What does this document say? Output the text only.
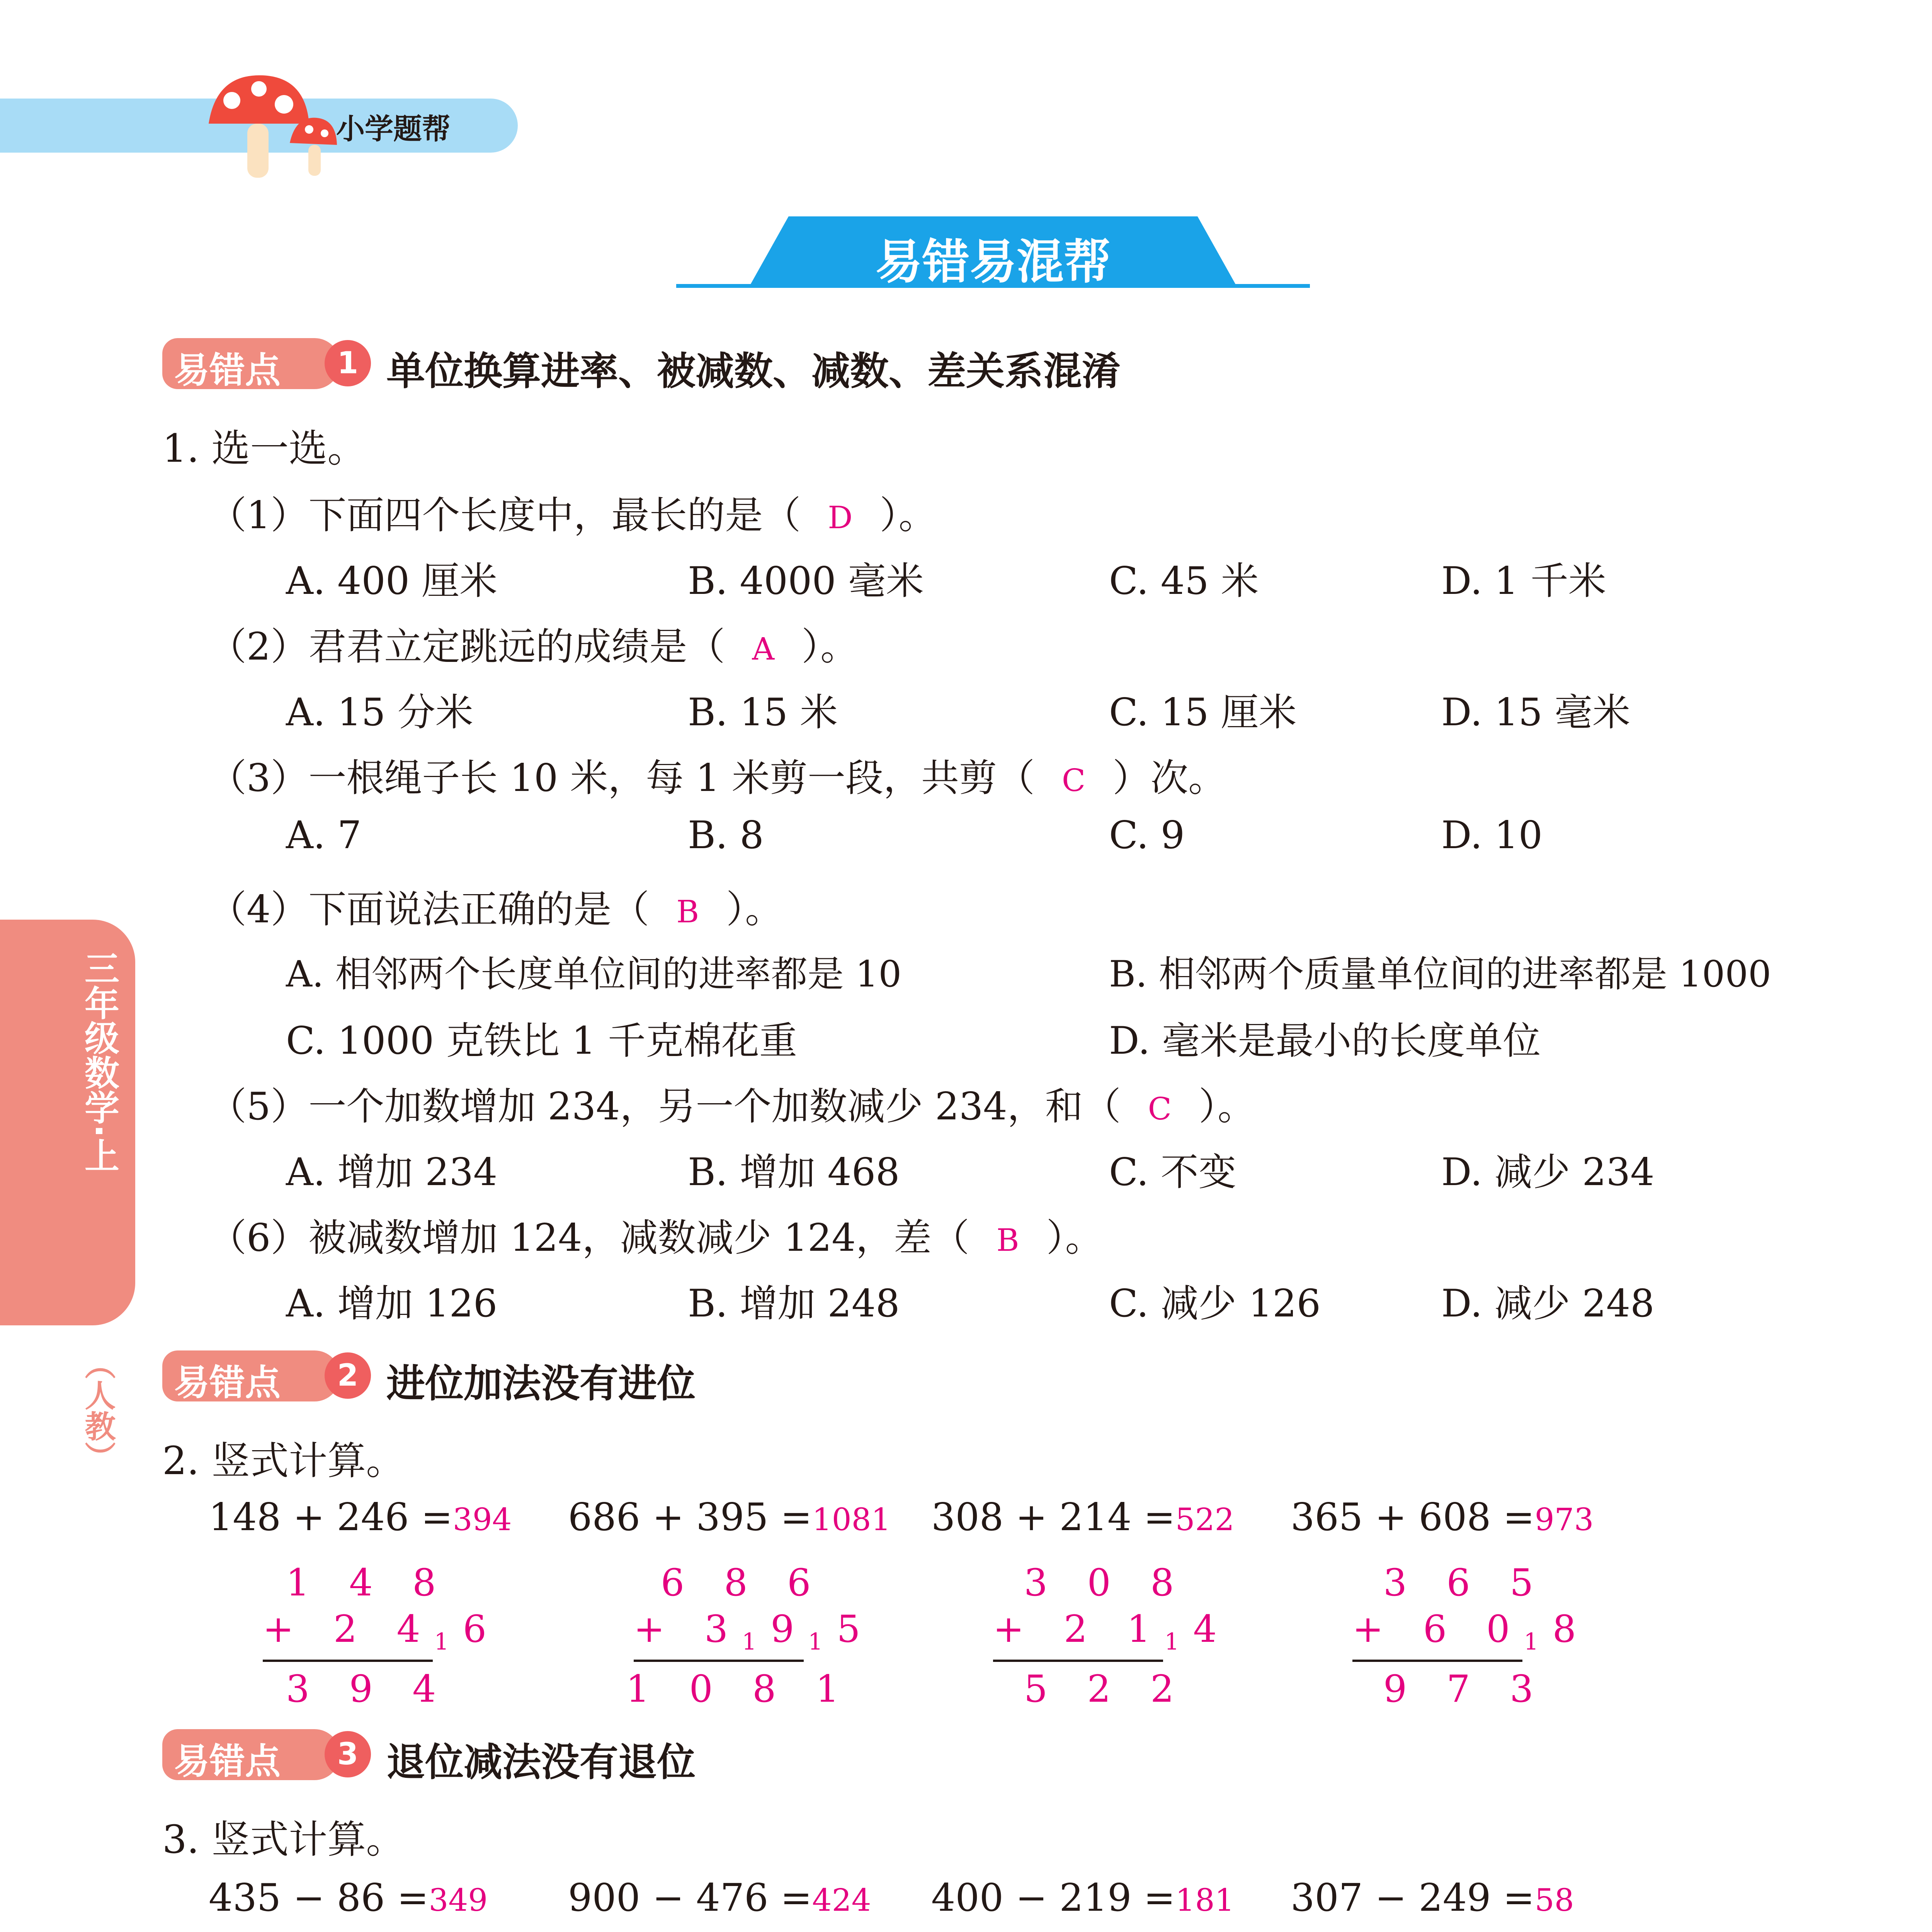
小学题帮
易错易混帮
三年级数学·上
（人教）
易错点	1 单位换算进率、被减数、减数、差关系混淆
1. 选一选。
（1）下面四个长度中，最长的是（ D ）。
A. 400 厘米	B. 4000 毫米	C. 45 米	D. 1 千米
（2）君君立定跳远的成绩是（ A ）。
A. 15 分米	B. 15 米	C. 15 厘米	D. 15 毫米
（3）一根绳子长 10 米，每 1 米剪一段，共剪（ C ）次。
A. 7	B. 8	C. 9	D. 10
（4）下面说法正确的是（ B ）。
A. 相邻两个长度单位间的进率都是 10	B. 相邻两个质量单位间的进率都是 1000
C. 1000 克铁比 1 千克棉花重	D. 毫米是最小的长度单位
（5）一个加数增加 234，另一个加数减少 234，和（ C ）。
A. 增加 234	B. 增加 468	C. 不变	D. 减少 234
（6）被减数增加 124，减数减少 124，差（ B ）。
A. 增加 126	B. 增加 248	C. 减少 126	D. 减少 248
易错点	2 进位加法没有进位
2. 竖式计算。
148 + 246 =394 686 + 395 =1081 308 + 214 =522 365 + 608 =973
1 4 8
+ 2 $4_16$
3 9 4
6 8 6
+ $3_19_15$
1 0 8 1
3 0 8
+ 2 $1_14$
5 2 2
3 6 5
+ 6 $0_18$
9 7 3
易错点	3 退位减法没有退位
3. 竖式计算。
435 − 86 =349 900 − 476 =424 400 − 219 =181 307 − 249 =58
